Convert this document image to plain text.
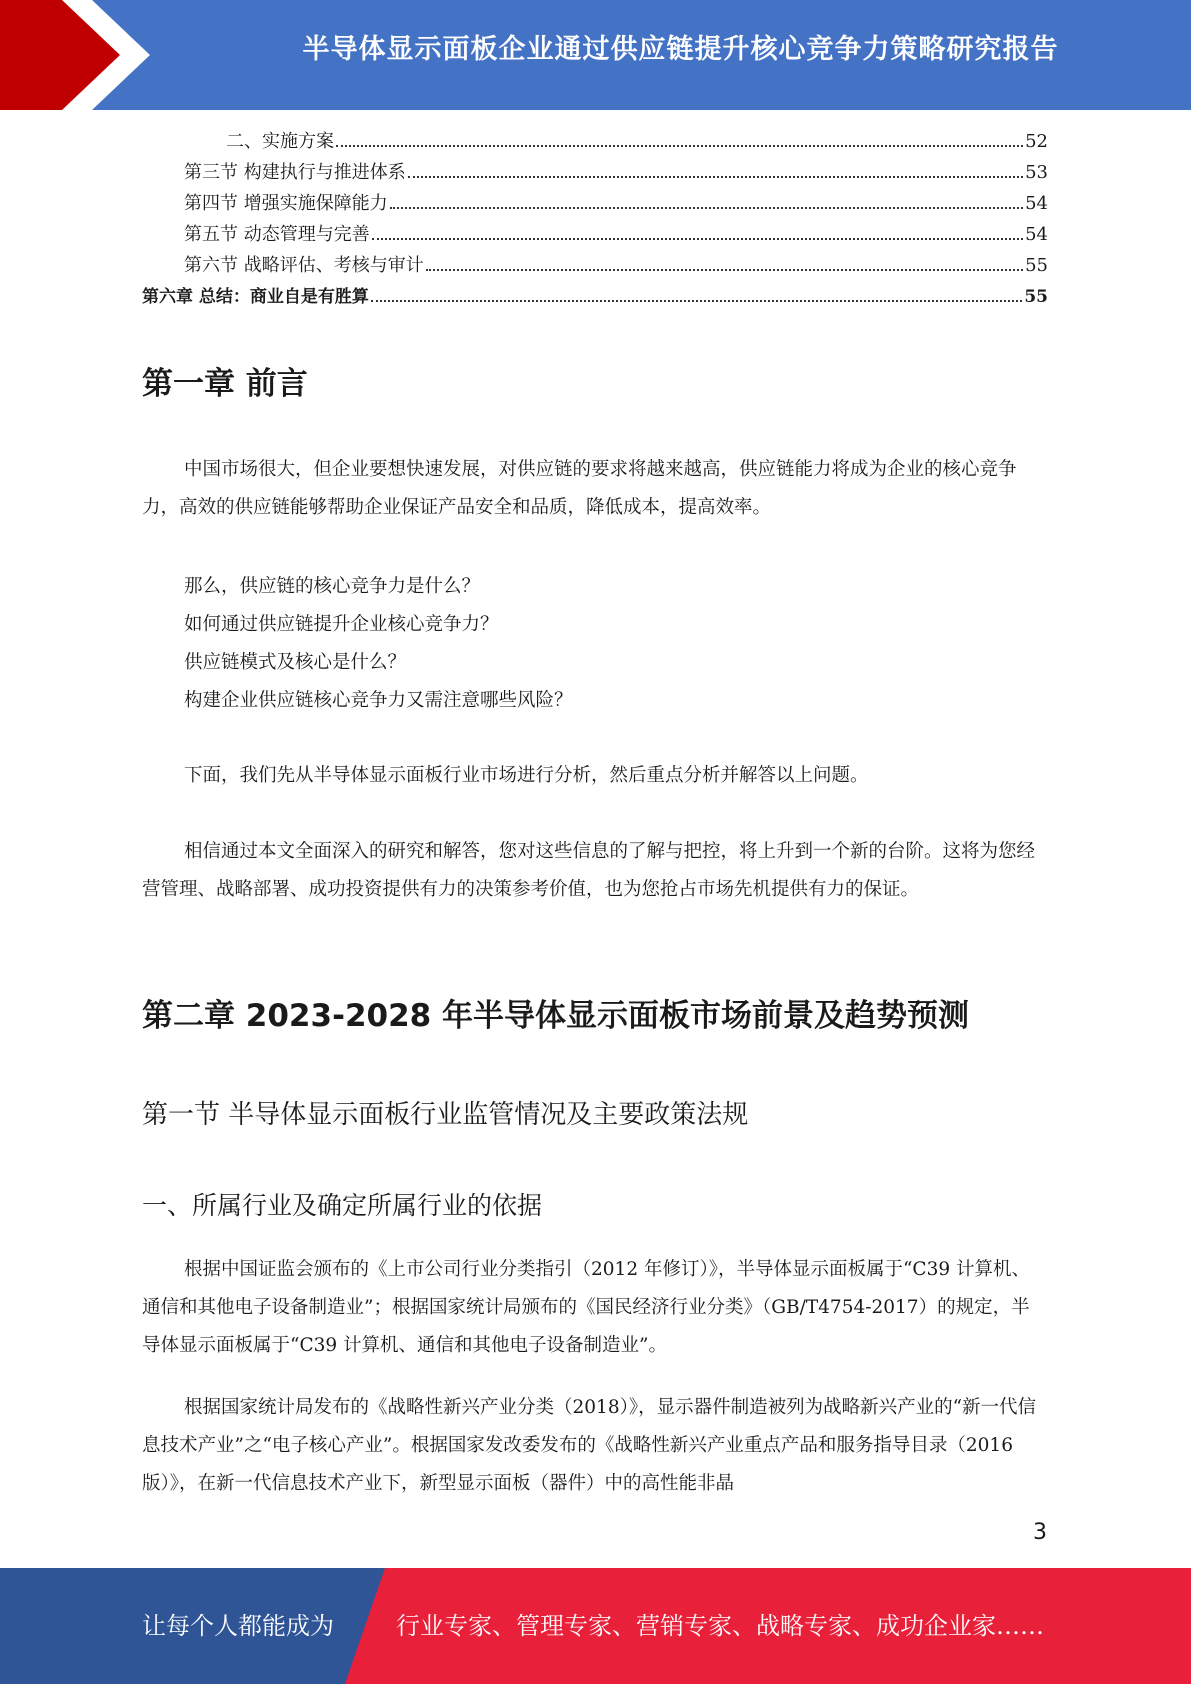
半导体显示面板企业通过供应链提升核心竞争力策略研究报告
二、实施方案	52
第三节 构建执行与推进体系	53
第四节 增强实施保障能力	54
第五节 动态管理与完善	54
第六节 战略评估、考核与审计	55
第六章 总结：商业自是有胜算	55
第一章 前言

中国市场很大，但企业要想快速发展，对供应链的要求将越来越高，供应链能力将成为企业的核心竞争力，高效的供应链能够帮助企业保证产品安全和品质，降低成本，提高效率。

那么，供应链的核心竞争力是什么？
如何通过供应链提升企业核心竞争力？
供应链模式及核心是什么？
构建企业供应链核心竞争力又需注意哪些风险？

下面，我们先从半导体显示面板行业市场进行分析，然后重点分析并解答以上问题。

相信通过本文全面深入的研究和解答，您对这些信息的了解与把控，将上升到一个新的台阶。这将为您经营管理、战略部署、成功投资提供有力的决策参考价值，也为您抢占市场先机提供有力的保证。

第二章 2023-2028 年半导体显示面板市场前景及趋势预测
第一节 半导体显示面板行业监管情况及主要政策法规
一、所属行业及确定所属行业的依据

根据中国证监会颁布的《上市公司行业分类指引（2012 年修订）》，半导体显示面板属于“C39 计算机、通信和其他电子设备制造业”；根据国家统计局颁布的《国民经济行业分类》（GB/T4754-2017）的规定，半导体显示面板属于“C39 计算机、通信和其他电子设备制造业”。

根据国家统计局发布的《战略性新兴产业分类（2018）》，显示器件制造被列为战略新兴产业的“新一代信息技术产业”之“电子核心产业”。根据国家发改委发布的《战略性新兴产业重点产品和服务指导目录（2016 版）》，在新一代信息技术产业下，新型显示面板（器件）中的高性能非晶

3
让每个人都能成为	行业专家、管理专家、营销专家、战略专家、成功企业家……
